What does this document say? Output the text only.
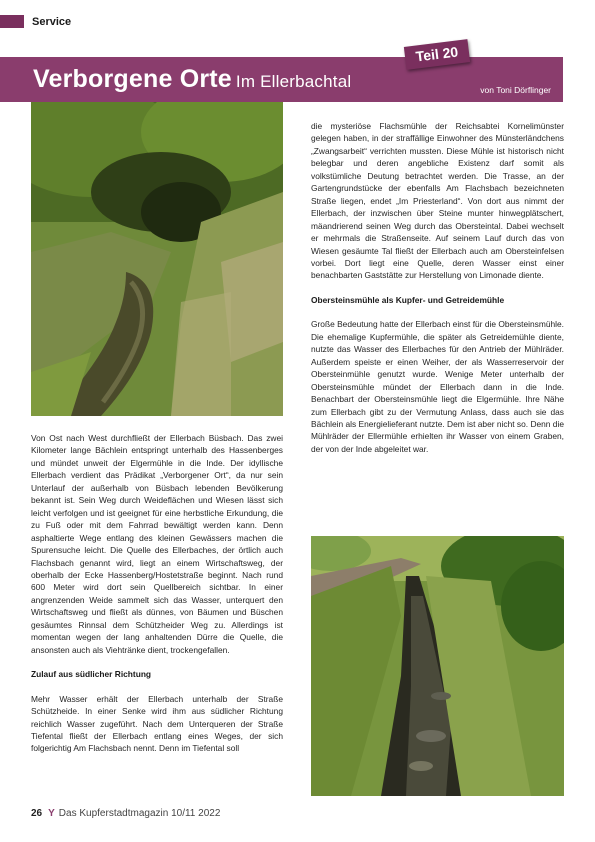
Service
Verborgene Orte Im Ellerbachtal	von Toni Dörflinger
Teil 20

Von Ost nach West durchfließt der Ellerbach Büsbach. Das zwei Kilometer lange Bächlein entspringt unterhalb des Hassenberges und mündet unweit der Elgermühle in die Inde. Der idyllische Ellerbach verdient das Prädikat „Verborgener Ort“, da nur sein Unterlauf der außerhalb von Büsbach lebenden Bevölkerung bekannt ist. Sein Weg durch Weideflächen und Wiesen lässt sich leicht verfolgen und ist geeignet für eine herbstliche Erkundung, die zu Fuß oder mit dem Fahrrad bewältigt werden kann. Denn asphaltierte Wege entlang des kleinen Gewässers machen die Spurensuche leicht. Die Quelle des Ellerbaches, der örtlich auch Flachsbach genannt wird, liegt an einem Wirtschaftsweg, der oberhalb der Ecke Hassenberg/Hostetstraße beginnt. Nach rund 600 Meter wird dort sein Quellbereich sichtbar. In einer angrenzenden Weide sammelt sich das Wasser, unterquert den Wirtschaftsweg und fließt als dünnes, von Bäumen und Büschen gesäumtes Rinnsal dem Schützheider Weg zu. Allerdings ist momentan wegen der lang anhaltenden Dürre die Quelle, die ansonsten auch als Viehtränke dient, trockengefallen.

Zulauf aus südlicher Richtung

Mehr Wasser erhält der Ellerbach unterhalb der Straße Schützheide. In einer Senke wird ihm aus südlicher Richtung reichlich Wasser zugeführt. Nach dem Unterqueren der Straße Tiefental fließt der Ellerbach entlang eines Weges, der sich folgerichtig Am Flachsbach nennt. Denn im Tiefental soll

die mysteriöse Flachsmühle der Reichsabtei Kornelimünster gelegen haben, in der straffällige Einwohner des Münsterländchens „Zwangsarbeit“ verrichten mussten. Diese Mühle ist historisch nicht belegbar und deren angebliche Existenz darf somit als volkstümliche Deutung betrachtet werden. Die Trasse, an der Gartengrundstücke der ebenfalls Am Flachsbach bezeichneten Straße liegen, endet „Im Priesterland“. Von dort aus nimmt der Ellerbach, der inzwischen über Steine munter hinwegplätschert, mäandrierend seinen Weg durch das Obersteintal. Dabei wechselt er mehrmals die Straßenseite. Auf seinem Lauf durch das von Wiesen gesäumte Tal fließt der Ellerbach auch am Obersteinfelsen vorbei. Dort liegt eine Quelle, deren Wasser einst einer benachbarten Gaststätte zur Herstellung von Limonade diente.

Obersteinsmühle als Kupfer- und Getreidemühle

Große Bedeutung hatte der Ellerbach einst für die Obersteinsmühle. Die ehemalige Kupfermühle, die später als Getreidemühle diente, nutzte das Wasser des Ellerbaches für den Antrieb der Mühlräder. Außerdem speiste er einen Weiher, der als Wasserreservoir der Obersteinmühle genutzt wurde. Wenige Meter unterhalb der Obersteinsmühle mündet der Ellerbach dann in die Inde. Benachbart der Obersteinsmühle liegt die Elgermühle. Ihre Nähe zum Ellerbach gibt zu der Vermutung Anlass, dass auch sie das Bächlein als Energielieferant nutzte. Dem ist aber nicht so. Denn die Mühlräder der Ellermühle erhielten ihr Wasser von einem Graben, der von der Inde abgeleitet war.

26 Y Das Kupferstadtmagazin 10/11 2022
